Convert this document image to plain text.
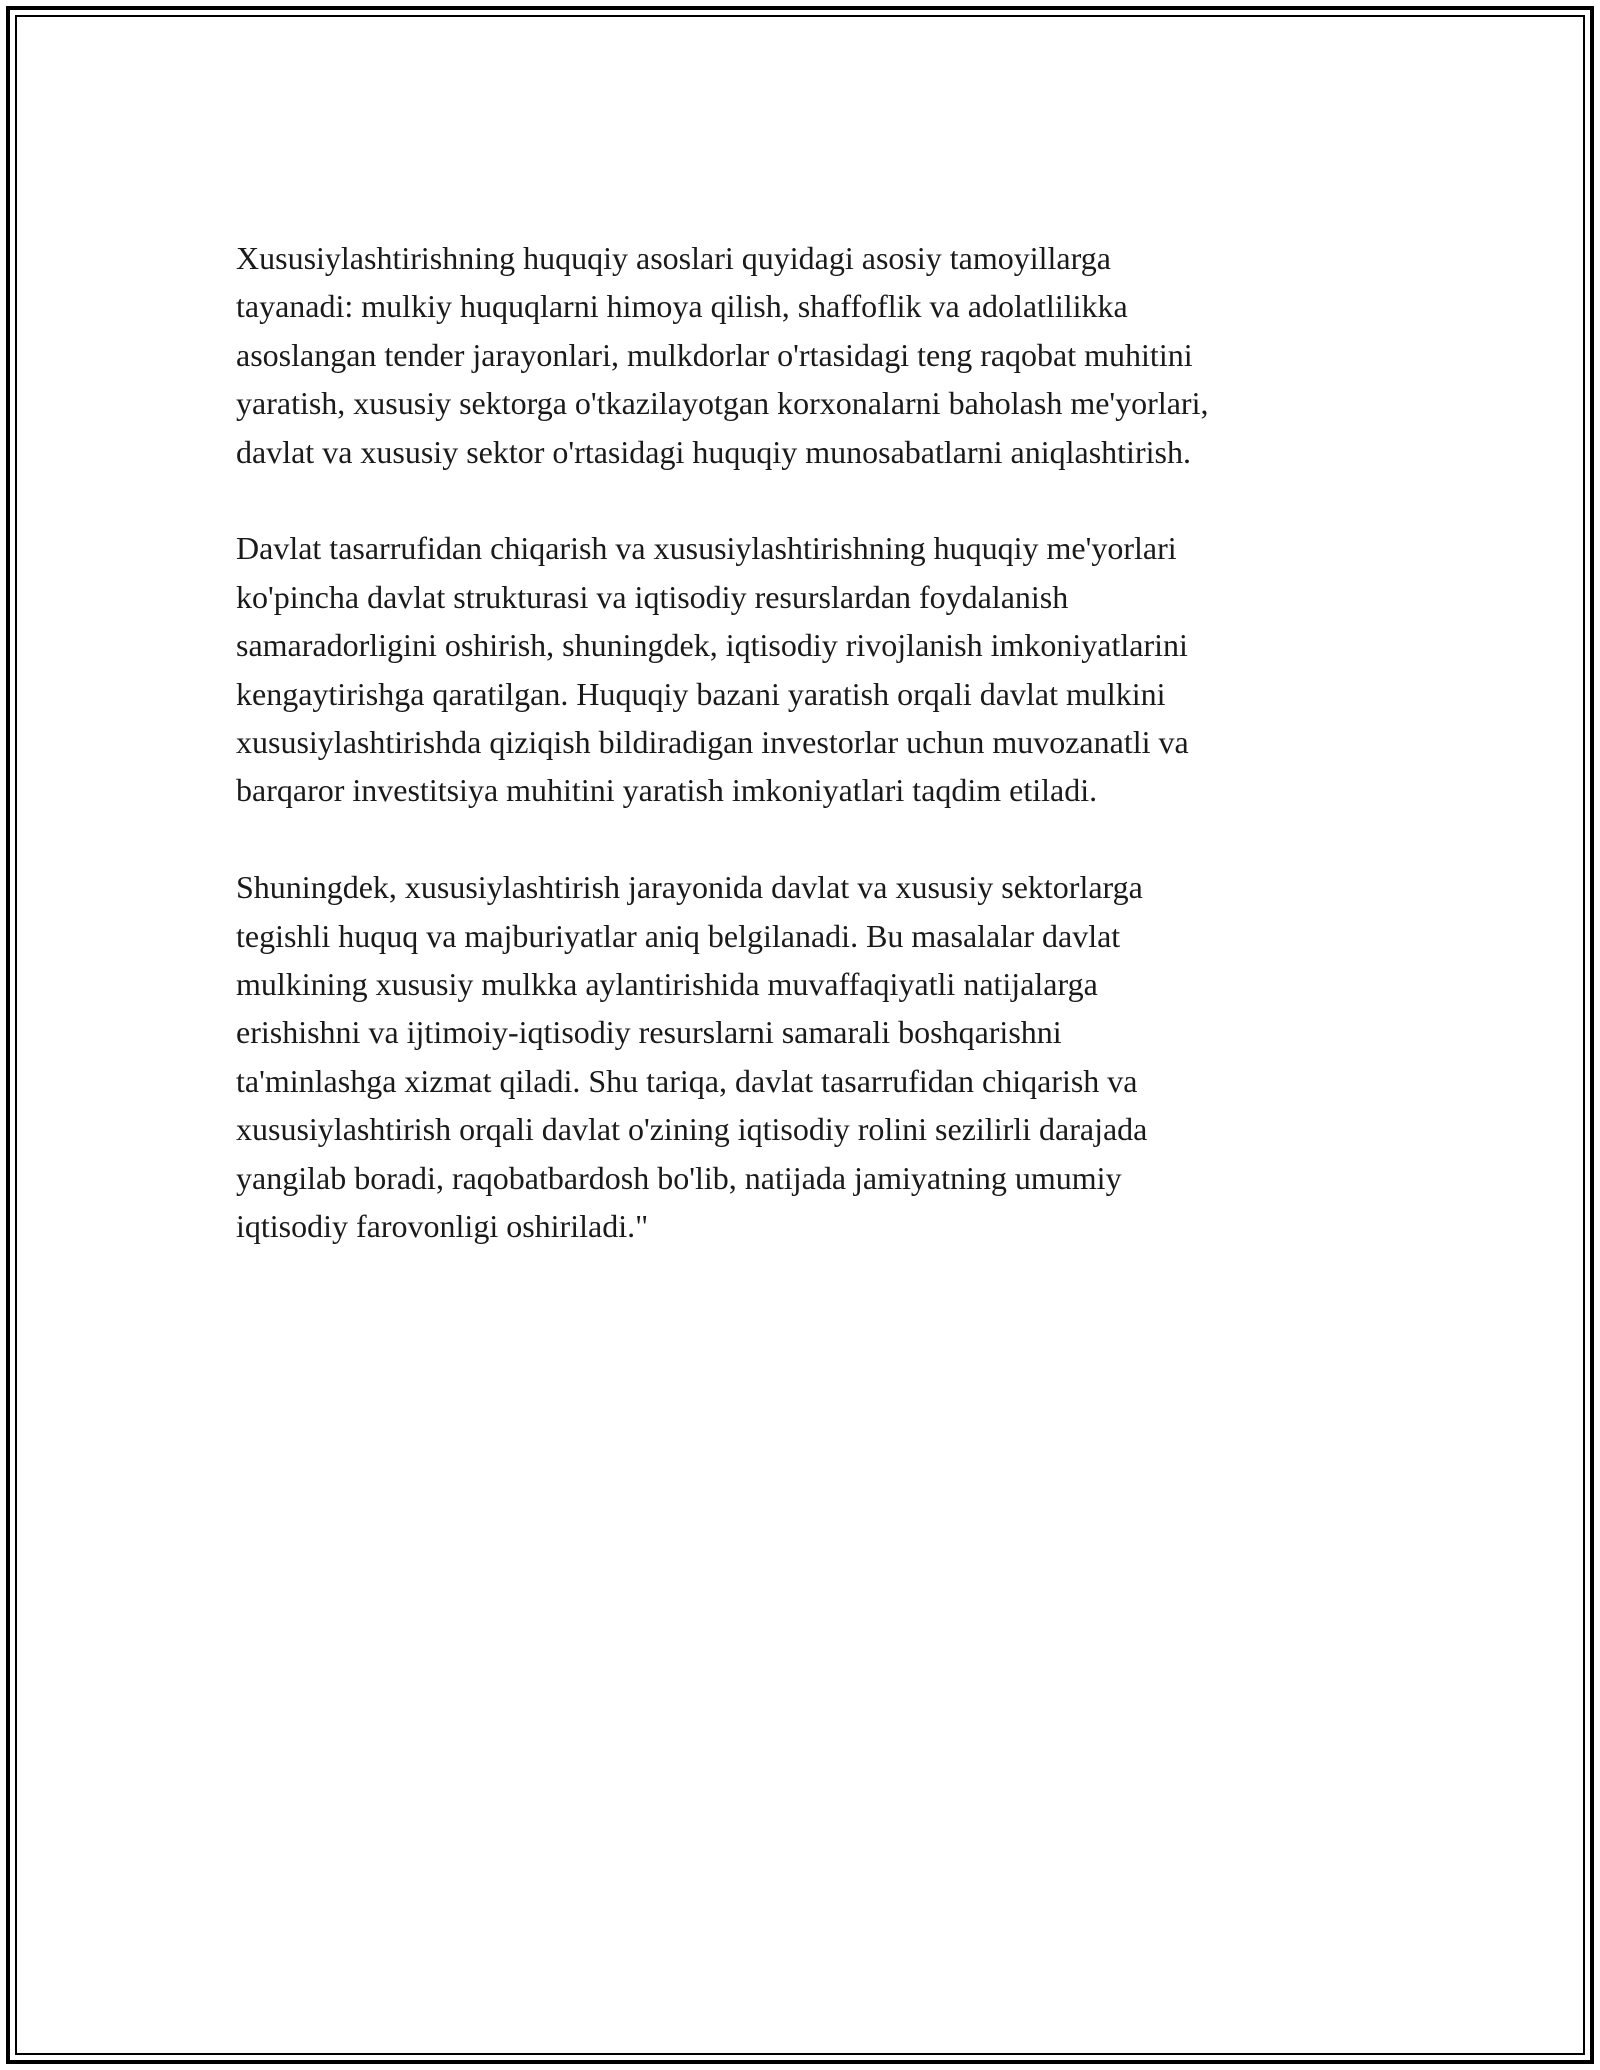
Xususiylashtirishning huquqiy asoslari quyidagi asosiy tamoyillarga
tayanadi: mulkiy huquqlarni himoya qilish, shaffoflik va adolatlilikka
asoslangan tender jarayonlari, mulkdorlar o'rtasidagi teng raqobat muhitini
yaratish, xususiy sektorga o'tkazilayotgan korxonalarni baholash me'yorlari,
davlat va xususiy sektor o'rtasidagi huquqiy munosabatlarni aniqlashtirish.

Davlat tasarrufidan chiqarish va xususiylashtirishning huquqiy me'yorlari
ko'pincha davlat strukturasi va iqtisodiy resurslardan foydalanish
samaradorligini oshirish, shuningdek, iqtisodiy rivojlanish imkoniyatlarini
kengaytirishga qaratilgan. Huquqiy bazani yaratish orqali davlat mulkini
xususiylashtirishda qiziqish bildiradigan investorlar uchun muvozanatli va
barqaror investitsiya muhitini yaratish imkoniyatlari taqdim etiladi.

Shuningdek, xususiylashtirish jarayonida davlat va xususiy sektorlarga
tegishli huquq va majburiyatlar aniq belgilanadi. Bu masalalar davlat
mulkining xususiy mulkka aylantirishida muvaffaqiyatli natijalarga
erishishni va ijtimoiy-iqtisodiy resurslarni samarali boshqarishni
ta'minlashga xizmat qiladi. Shu tariqa, davlat tasarrufidan chiqarish va
xususiylashtirish orqali davlat o'zining iqtisodiy rolini sezilirli darajada
yangilab boradi, raqobatbardosh bo'lib, natijada jamiyatning umumiy
iqtisodiy farovonligi oshiriladi."
